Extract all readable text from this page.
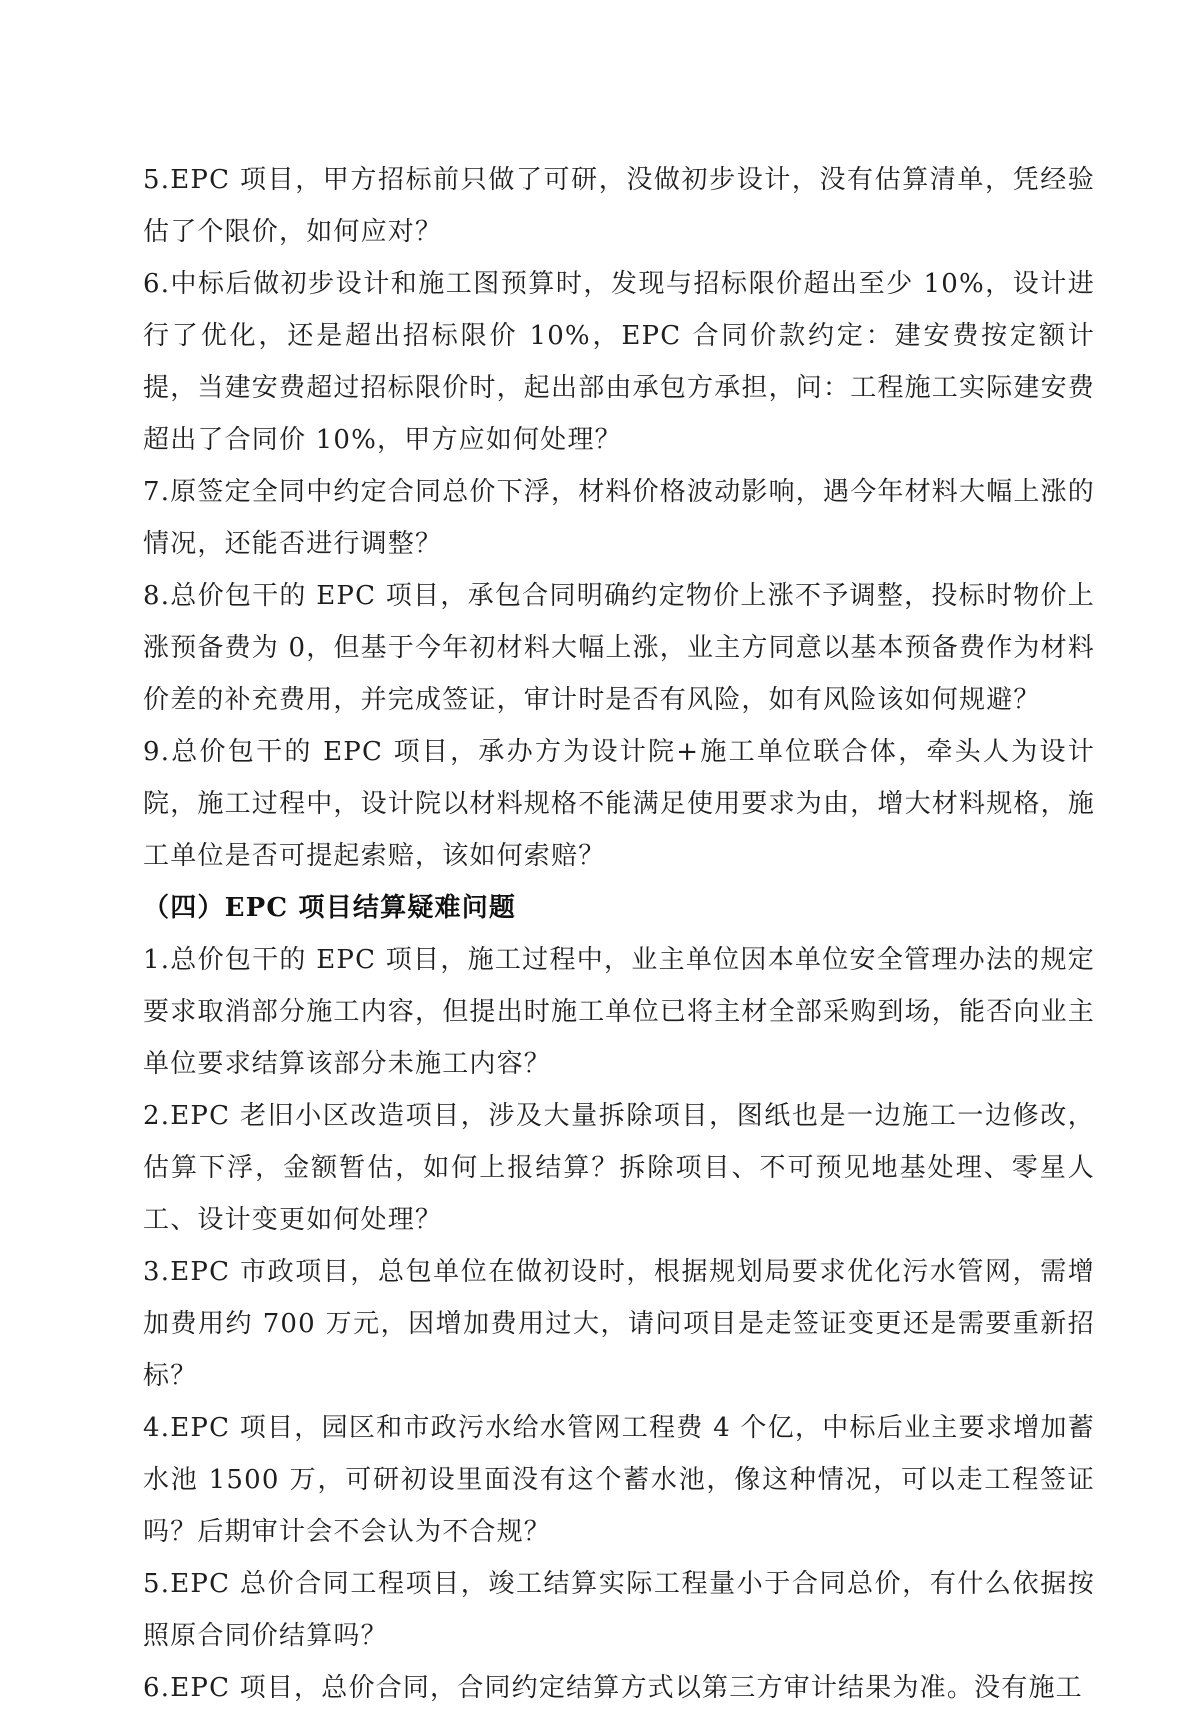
5.EPC 项目，甲方招标前只做了可研，没做初步设计，没有估算清单，凭经验估了个限价，如何应对？

6.中标后做初步设计和施工图预算时，发现与招标限价超出至少 10%，设计进行了优化，还是超出招标限价 10%，EPC 合同价款约定：建安费按定额计提，当建安费超过招标限价时，起出部由承包方承担，问：工程施工实际建安费超出了合同价 10%，甲方应如何处理？

7.原签定全同中约定合同总价下浮，材料价格波动影响，遇今年材料大幅上涨的情况，还能否进行调整？

8.总价包干的 EPC 项目，承包合同明确约定物价上涨不予调整，投标时物价上涨预备费为 0，但基于今年初材料大幅上涨，业主方同意以基本预备费作为材料价差的补充费用，并完成签证，审计时是否有风险，如有风险该如何规避？

9.总价包干的 EPC 项目，承办方为设计院+施工单位联合体，牵头人为设计院，施工过程中，设计院以材料规格不能满足使用要求为由，增大材料规格，施工单位是否可提起索赔，该如何索赔？

（四）EPC 项目结算疑难问题

1.总价包干的 EPC 项目，施工过程中，业主单位因本单位安全管理办法的规定要求取消部分施工内容，但提出时施工单位已将主材全部采购到场，能否向业主单位要求结算该部分未施工内容？

2.EPC 老旧小区改造项目，涉及大量拆除项目，图纸也是一边施工一边修改，估算下浮，金额暂估，如何上报结算？拆除项目、不可预见地基处理、零星人工、设计变更如何处理？

3.EPC 市政项目，总包单位在做初设时，根据规划局要求优化污水管网，需增加费用约 700 万元，因增加费用过大，请问项目是走签证变更还是需要重新招标？

4.EPC 项目，园区和市政污水给水管网工程费 4 个亿，中标后业主要求增加蓄水池 1500 万，可研初设里面没有这个蓄水池，像这种情况，可以走工程签证吗？后期审计会不会认为不合规？

5.EPC 总价合同工程项目，竣工结算实际工程量小于合同总价，有什么依据按照原合同价结算吗？

6.EPC 项目，总价合同，合同约定结算方式以第三方审计结果为准。没有施工
